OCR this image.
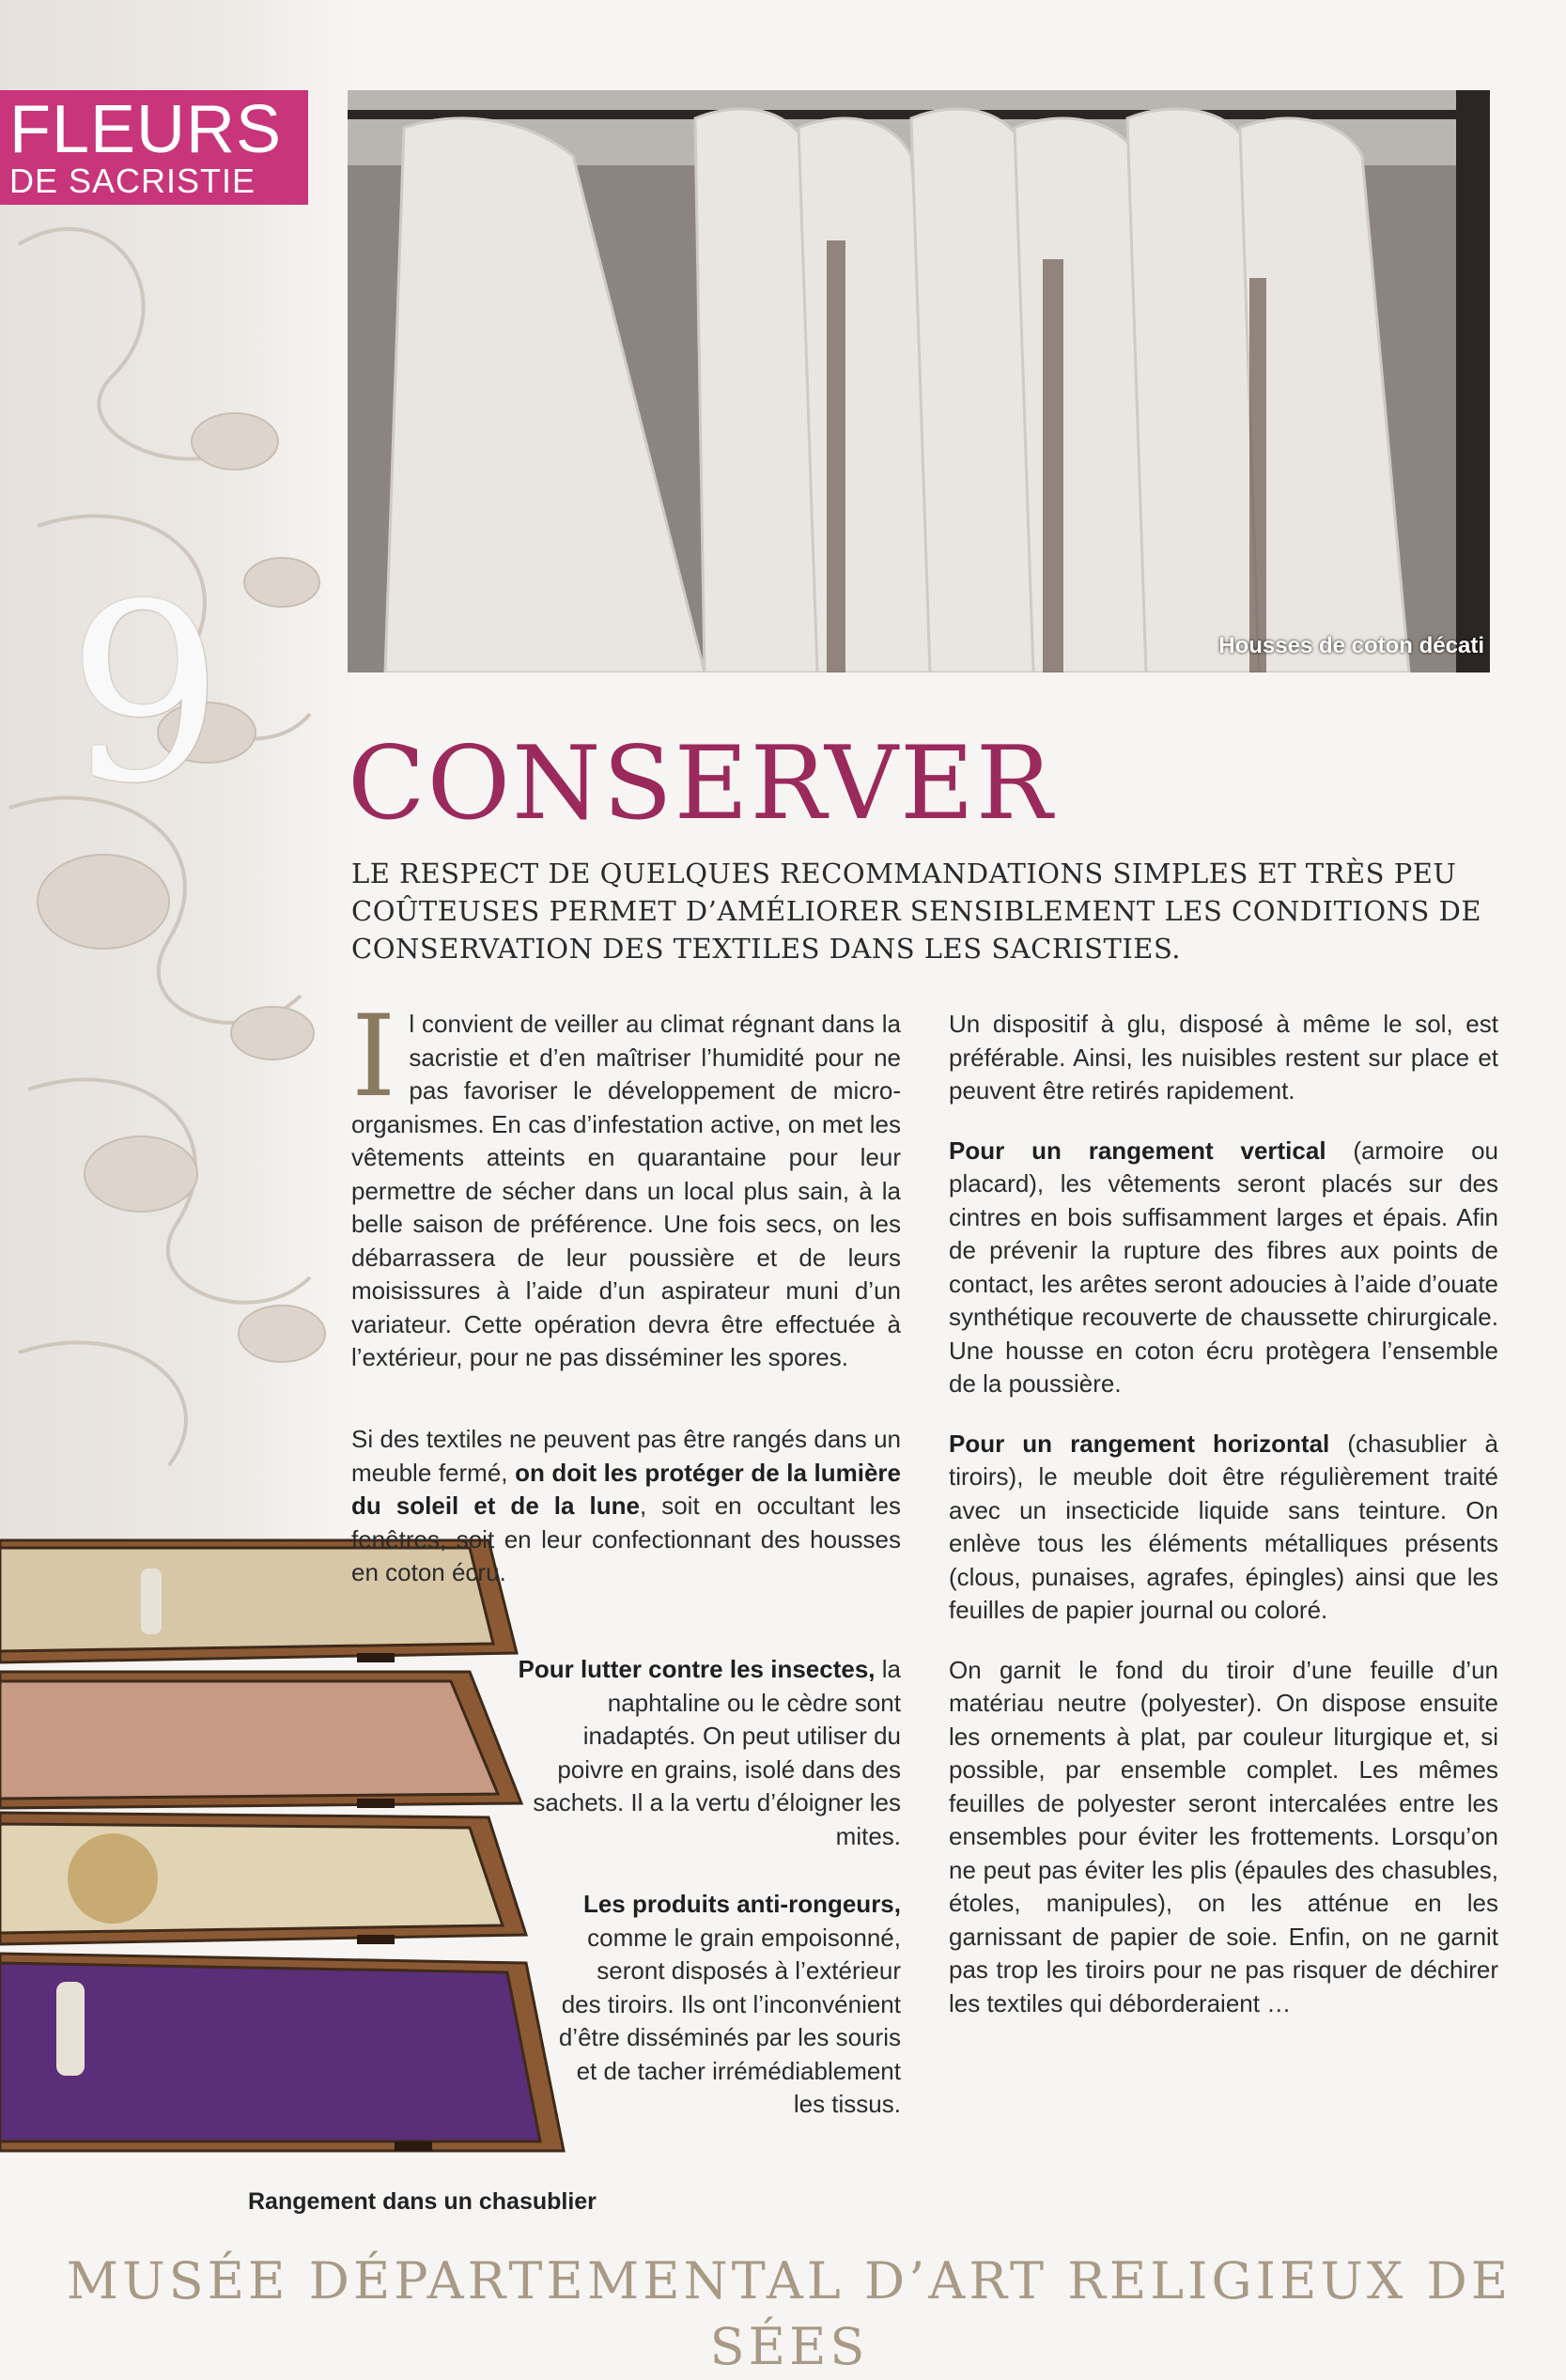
FLEURS
DE SACRISTIE
9	Housses de coton décati
CONSERVER

LE RESPECT DE QUELQUES RECOMMANDATIONS SIMPLES ET TRÈS PEU COÛTEUSES PERMET D’AMÉLIORER SENSIBLEMENT LES CONDITIONS DE CONSERVATION DES TEXTILES DANS LES SACRISTIES.

Il convient de veiller au climat régnant dans la sacristie et d’en maîtriser l’humidité pour ne pas favoriser le développement de micro-organismes. En cas d’infestation active, on met les vêtements atteints en quarantaine pour leur permettre de sécher dans un local plus sain, à la belle saison de préférence. Une fois secs, on les débarrassera de leur poussière et de leurs moisissures à l’aide d’un aspirateur muni d’un variateur. Cette opération devra être effectuée à l’extérieur, pour ne pas disséminer les spores.

Si des textiles ne peuvent pas être rangés dans un meuble fermé, on doit les protéger de la lumière du soleil et de la lune, soit en occultant les fenêtres, soit en leur confectionnant des housses en coton écru.

Pour lutter contre les insectes, la naphtaline ou le cèdre sont inadaptés. On peut utiliser du poivre en grains, isolé dans des sachets. Il a la vertu d’éloigner les mites.

Les produits anti-rongeurs, comme le grain empoisonné, seront disposés à l’extérieur des tiroirs. Ils ont l’inconvénient d’être disséminés par les souris et de tacher irrémédiablement les tissus.

Un dispositif à glu, disposé à même le sol, est préférable. Ainsi, les nuisibles restent sur place et peuvent être retirés rapidement.

Pour un rangement vertical (armoire ou placard), les vêtements seront placés sur des cintres en bois suffisamment larges et épais. Afin de prévenir la rupture des fibres aux points de contact, les arêtes seront adoucies à l’aide d’ouate synthétique recouverte de chaussette chirurgicale. Une housse en coton écru protègera l’ensemble de la poussière.

Pour un rangement horizontal (chasublier à tiroirs), le meuble doit être régulièrement traité avec un insecticide liquide sans teinture. On enlève tous les éléments métalliques présents (clous, punaises, agrafes, épingles) ainsi que les feuilles de papier journal ou coloré.

On garnit le fond du tiroir d’une feuille d’un matériau neutre (polyester). On dispose ensuite les ornements à plat, par couleur liturgique et, si possible, par ensemble complet. Les mêmes feuilles de polyester seront intercalées entre les ensembles pour éviter les frottements. Lorsqu’on ne peut pas éviter les plis (épaules des chasubles, étoles, manipules), on les atténue en les garnissant de papier de soie. Enfin, on ne garnit pas trop les tiroirs pour ne pas risquer de déchirer les textiles qui déborderaient …

Rangement dans un chasublier

MUSÉE DÉPARTEMENTAL D’ART RELIGIEUX DE SÉES
